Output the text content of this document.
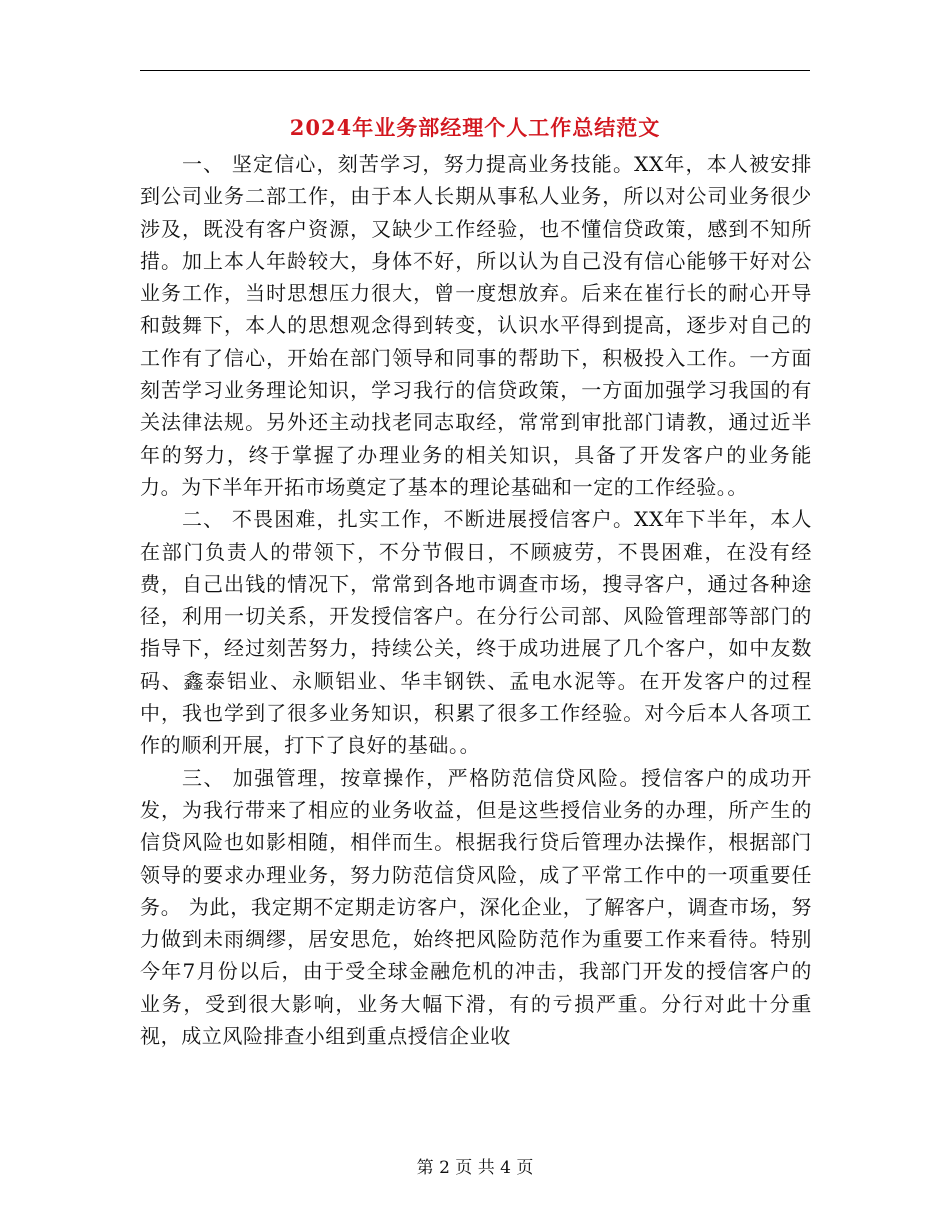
2024年业务部经理个人工作总结范文

一、 坚定信心，刻苦学习，努力提高业务技能。XX年，本人被安排到公司业务二部工作，由于本人长期从事私人业务，所以对公司业务很少涉及，既没有客户资源，又缺少工作经验，也不懂信贷政策，感到不知所措。加上本人年龄较大，身体不好，所以认为自己没有信心能够干好对公业务工作，当时思想压力很大，曾一度想放弃。后来在崔行长的耐心开导和鼓舞下，本人的思想观念得到转变，认识水平得到提高，逐步对自己的工作有了信心，开始在部门领导和同事的帮助下，积极投入工作。一方面刻苦学习业务理论知识，学习我行的信贷政策，一方面加强学习我国的有关法律法规。另外还主动找老同志取经，常常到审批部门请教，通过近半年的努力，终于掌握了办理业务的相关知识，具备了开发客户的业务能力。为下半年开拓市场奠定了基本的理论基础和一定的工作经验。。

二、 不畏困难，扎实工作，不断进展授信客户。XX年下半年，本人在部门负责人的带领下，不分节假日，不顾疲劳，不畏困难，在没有经费，自己出钱的情况下，常常到各地市调查市场，搜寻客户，通过各种途径，利用一切关系，开发授信客户。在分行公司部、风险管理部等部门的指导下，经过刻苦努力，持续公关，终于成功进展了几个客户，如中友数码、鑫泰铝业、永顺铝业、华丰钢铁、孟电水泥等。在开发客户的过程中，我也学到了很多业务知识，积累了很多工作经验。对今后本人各项工作的顺利开展，打下了良好的基础。。

三、 加强管理，按章操作，严格防范信贷风险。授信客户的成功开发，为我行带来了相应的业务收益，但是这些授信业务的办理，所产生的信贷风险也如影相随，相伴而生。根据我行贷后管理办法操作，根据部门领导的要求办理业务，努力防范信贷风险，成了平常工作中的一项重要任务。 为此，我定期不定期走访客户，深化企业，了解客户，调查市场，努力做到未雨绸缪，居安思危，始终把风险防范作为重要工作来看待。特别今年7月份以后，由于受全球金融危机的冲击，我部门开发的授信客户的业务，受到很大影响，业务大幅下滑，有的亏损严重。分行对此十分重视，成立风险排查小组到重点授信企业收

第 2 页 共 4 页
